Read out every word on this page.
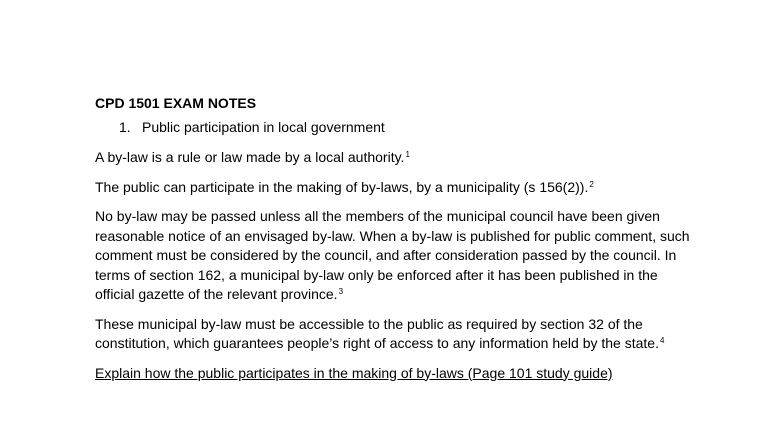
CPD 1501 EXAM NOTES
1. Public participation in local government

A by-law is a rule or law made by a local authority.$^1$

The public can participate in the making of by-laws, by a municipality (s 156(2)).$^2$

No by-law may be passed unless all the members of the municipal council have been given reasonable notice of an envisaged by-law. When a by-law is published for public comment, such comment must be considered by the council, and after consideration passed by the council. In terms of section 162, a municipal by-law only be enforced after it has been published in the official gazette of the relevant province.$^3$

These municipal by-law must be accessible to the public as required by section 32 of the constitution, which guarantees people’s right of access to any information held by the state.$^4$

Explain how the public participates in the making of by-laws (Page 101 study guide)
